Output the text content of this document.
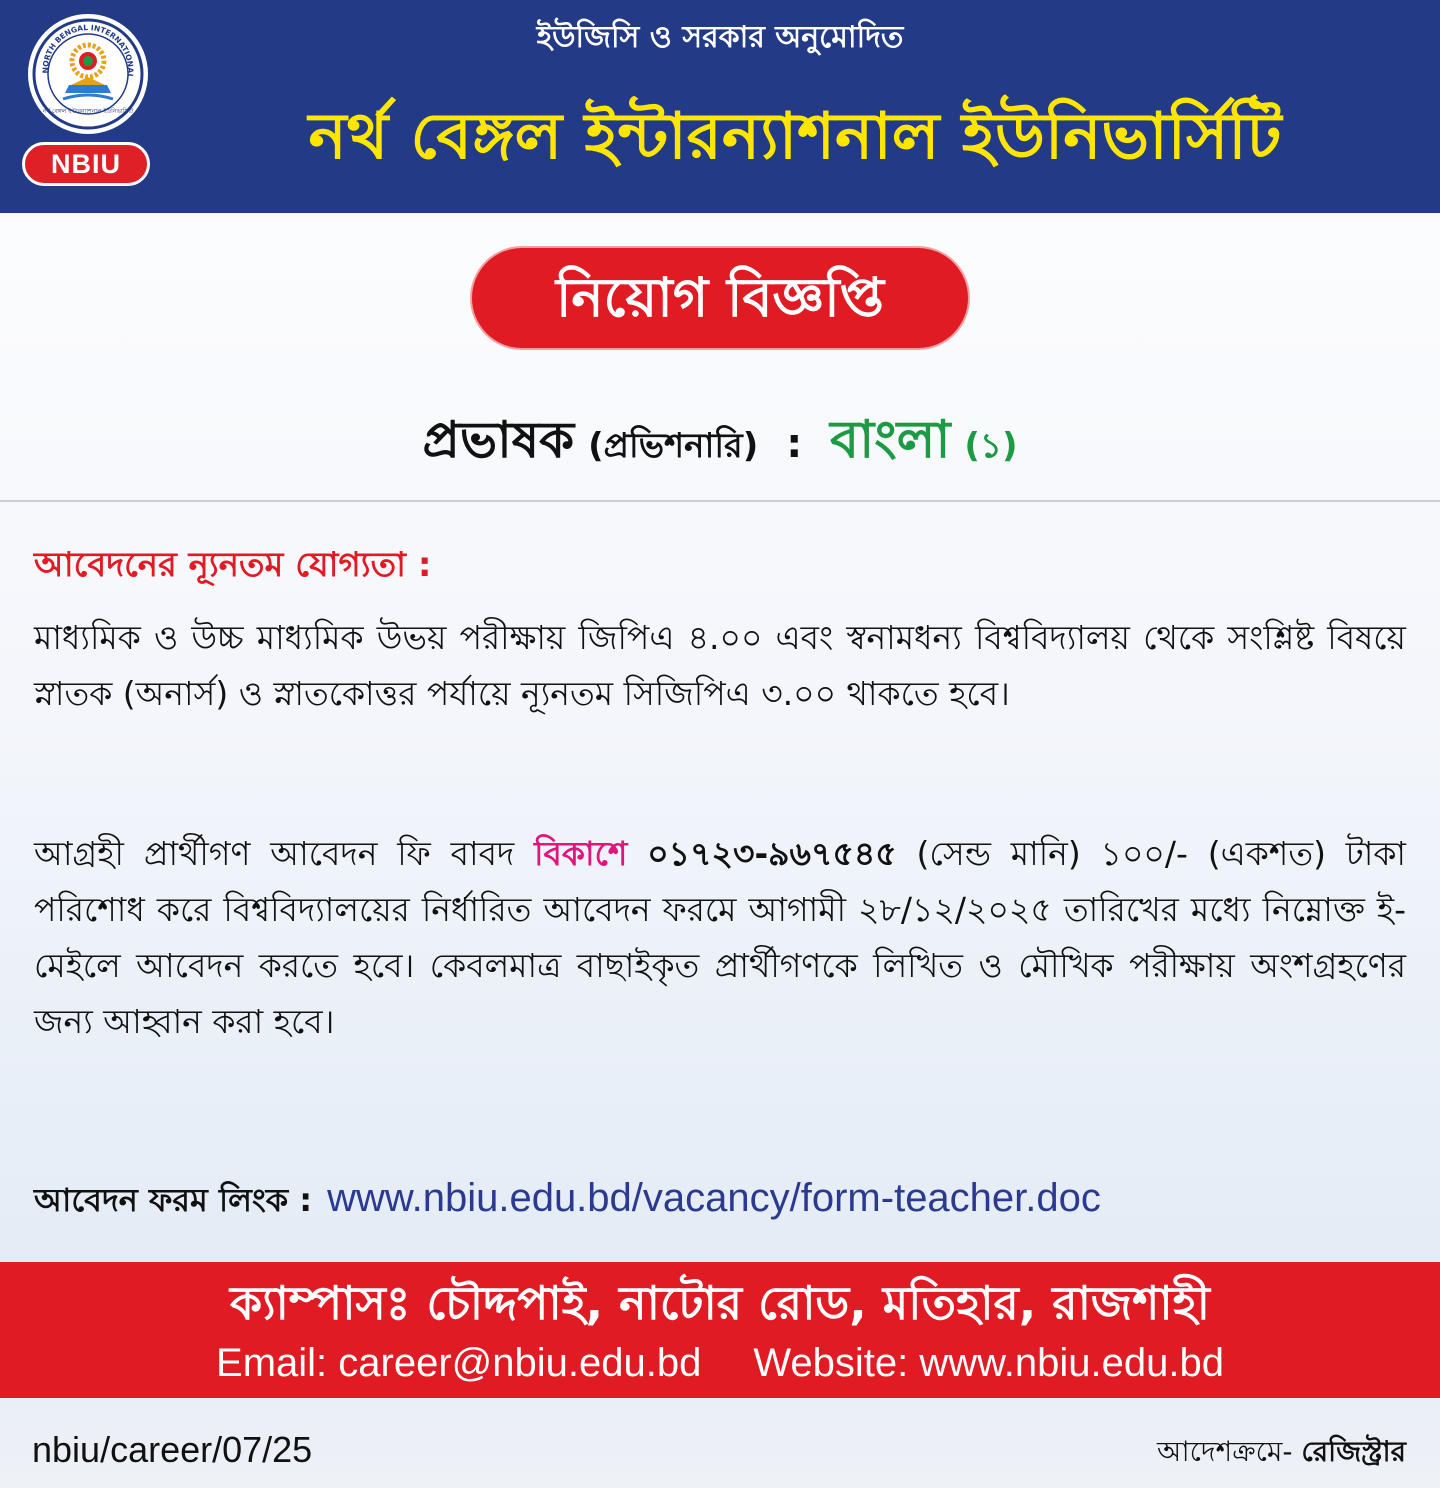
NORTH BENGAL INTERNATIONAL
নর্থ বেঙ্গল ইন্টারন্যাশনাল ইউনিভার্সিটি
NBIU
ইউজিসি ও সরকার অনুমোদিত
নর্থ বেঙ্গল ইন্টারন্যাশনাল ইউনিভার্সিটি
নিয়োগ বিজ্ঞপ্তি
প্রভাষক (প্রভিশনারি) : বাংলা (১)
আবেদনের ন্যূনতম যোগ্যতা :
মাধ্যমিক ও উচ্চ মাধ্যমিক উভয় পরীক্ষায় জিপিএ ৪.০০ এবং স্বনামধন্য বিশ্ববিদ্যালয় থেকে সংশ্লিষ্ট বিষয়ে স্নাতক (অনার্স) ও স্নাতকোত্তর পর্যায়ে ন্যূনতম সিজিপিএ ৩.০০ থাকতে হবে।
আগ্রহী প্রার্থীগণ আবেদন ফি বাবদ বিকাশে ০১৭২৩-৯৬৭৫৪৫ (সেন্ড মানি) ১০০/- (একশত) টাকা পরিশোধ করে বিশ্ববিদ্যালয়ের নির্ধারিত আবেদন ফরমে আগামী ২৮/১২/২০২৫ তারিখের মধ্যে নিম্নোক্ত ই-মেইলে আবেদন করতে হবে। কেবলমাত্র বাছাইকৃত প্রার্থীগণকে লিখিত ও মৌখিক পরীক্ষায় অংশগ্রহণের জন্য আহ্বান করা হবে।
আবেদন ফরম লিংক : www.nbiu.edu.bd/vacancy/form-teacher.doc
ক্যাম্পাসঃ চৌদ্দপাই, নাটোর রোড, মতিহার, রাজশাহী
Email: career@nbiu.edu.bd Website: www.nbiu.edu.bd
nbiu/career/07/25	আদেশক্রমে- রেজিস্ট্রার
